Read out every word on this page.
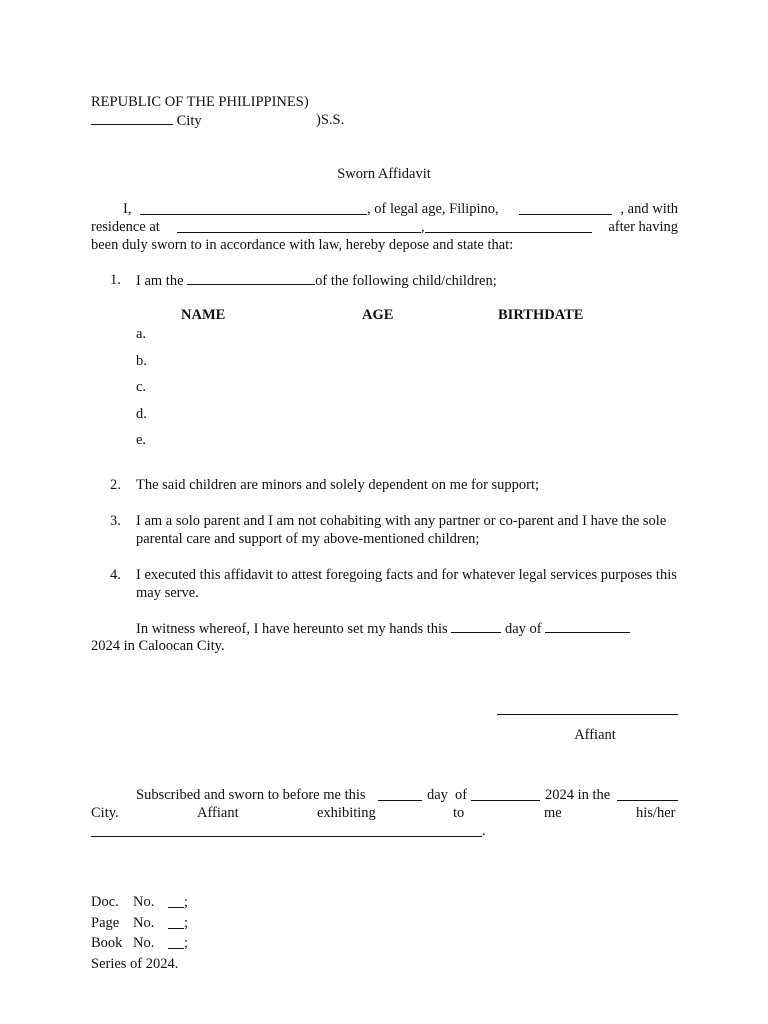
REPUBLIC OF THE PHILIPPINES)
City	)S.S.
Sworn Affidavit
I,	, of legal age, Filipino,	, and with
residence at	,	after having
been duly sworn to in accordance with law, hereby depose and state that:
1. I am the	of the following child/children;
NAME	AGE	BIRTHDATE
a.
b.
c.
d.
e.
2. The said children are minors and solely dependent on me for support;
3. I am a solo parent and I am not cohabiting with any partner or co-parent and I have the sole parental care and support of my above-mentioned children;
4. I executed this affidavit to attest foregoing facts and for whatever legal services purposes this may serve.
In witness whereof, I have hereunto set my hands this	day of
2024 in Caloocan City.
Affiant
Subscribed and sworn to before me this	day of	2024 in the
City.	Affiant	exhibiting	to	me	his/her
.
Doc. No. ;
Page No. ;
Book No. ;
Series of 2024.
